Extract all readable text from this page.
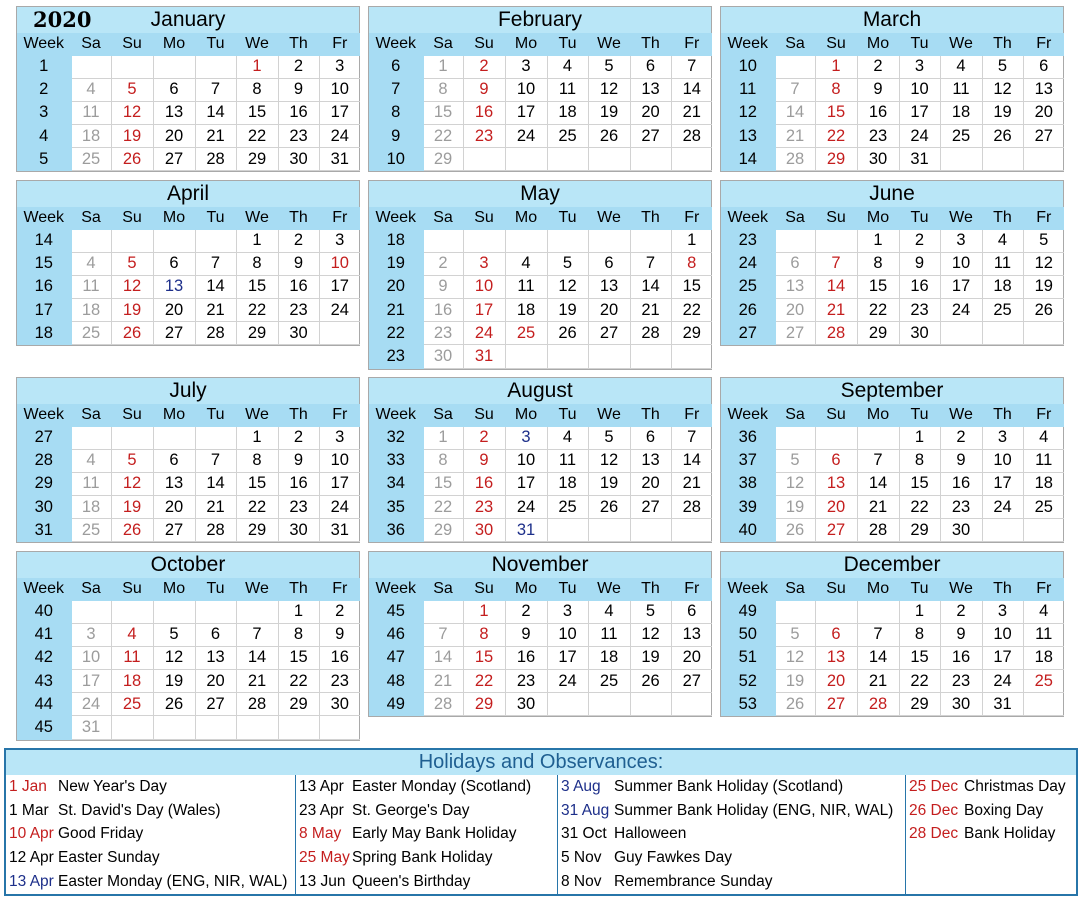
2020	January
Week	Sa	Su	Mo	Tu	We	Th	Fr
1					1	2	3
2	4	5	6	7	8	9	10
3	11	12	13	14	15	16	17
4	18	19	20	21	22	23	24
5	25	26	27	28	29	30	31
February
Week	Sa	Su	Mo	Tu	We	Th	Fr
6	1	2	3	4	5	6	7
7	8	9	10	11	12	13	14
8	15	16	17	18	19	20	21
9	22	23	24	25	26	27	28
10	29						
March
Week	Sa	Su	Mo	Tu	We	Th	Fr
10		1	2	3	4	5	6
11	7	8	9	10	11	12	13
12	14	15	16	17	18	19	20
13	21	22	23	24	25	26	27
14	28	29	30	31			
April
Week	Sa	Su	Mo	Tu	We	Th	Fr
14					1	2	3
15	4	5	6	7	8	9	10
16	11	12	13	14	15	16	17
17	18	19	20	21	22	23	24
18	25	26	27	28	29	30	
May
Week	Sa	Su	Mo	Tu	We	Th	Fr
18							1
19	2	3	4	5	6	7	8
20	9	10	11	12	13	14	15
21	16	17	18	19	20	21	22
22	23	24	25	26	27	28	29
23	30	31					
June
Week	Sa	Su	Mo	Tu	We	Th	Fr
23			1	2	3	4	5
24	6	7	8	9	10	11	12
25	13	14	15	16	17	18	19
26	20	21	22	23	24	25	26
27	27	28	29	30			
July
Week	Sa	Su	Mo	Tu	We	Th	Fr
27					1	2	3
28	4	5	6	7	8	9	10
29	11	12	13	14	15	16	17
30	18	19	20	21	22	23	24
31	25	26	27	28	29	30	31
August
Week	Sa	Su	Mo	Tu	We	Th	Fr
32	1	2	3	4	5	6	7
33	8	9	10	11	12	13	14
34	15	16	17	18	19	20	21
35	22	23	24	25	26	27	28
36	29	30	31				
September
Week	Sa	Su	Mo	Tu	We	Th	Fr
36				1	2	3	4
37	5	6	7	8	9	10	11
38	12	13	14	15	16	17	18
39	19	20	21	22	23	24	25
40	26	27	28	29	30		
October
Week	Sa	Su	Mo	Tu	We	Th	Fr
40						1	2
41	3	4	5	6	7	8	9
42	10	11	12	13	14	15	16
43	17	18	19	20	21	22	23
44	24	25	26	27	28	29	30
45	31						
November
Week	Sa	Su	Mo	Tu	We	Th	Fr
45		1	2	3	4	5	6
46	7	8	9	10	11	12	13
47	14	15	16	17	18	19	20
48	21	22	23	24	25	26	27
49	28	29	30				
December
Week	Sa	Su	Mo	Tu	We	Th	Fr
49				1	2	3	4
50	5	6	7	8	9	10	11
51	12	13	14	15	16	17	18
52	19	20	21	22	23	24	25
53	26	27	28	29	30	31	
Holidays and Observances:
1 Jan New Year's Day
1 Mar St. David's Day (Wales)
10 Apr Good Friday
12 Apr Easter Sunday
13 Apr Easter Monday (ENG, NIR, WAL)
13 Apr Easter Monday (Scotland)
23 Apr St. George's Day
8 May Early May Bank Holiday
25 May Spring Bank Holiday
13 Jun Queen's Birthday
3 Aug Summer Bank Holiday (Scotland)
31 Aug Summer Bank Holiday (ENG, NIR, WAL)
31 Oct Halloween
5 Nov Guy Fawkes Day
8 Nov Remembrance Sunday
25 Dec Christmas Day
26 Dec Boxing Day
28 Dec Bank Holiday
